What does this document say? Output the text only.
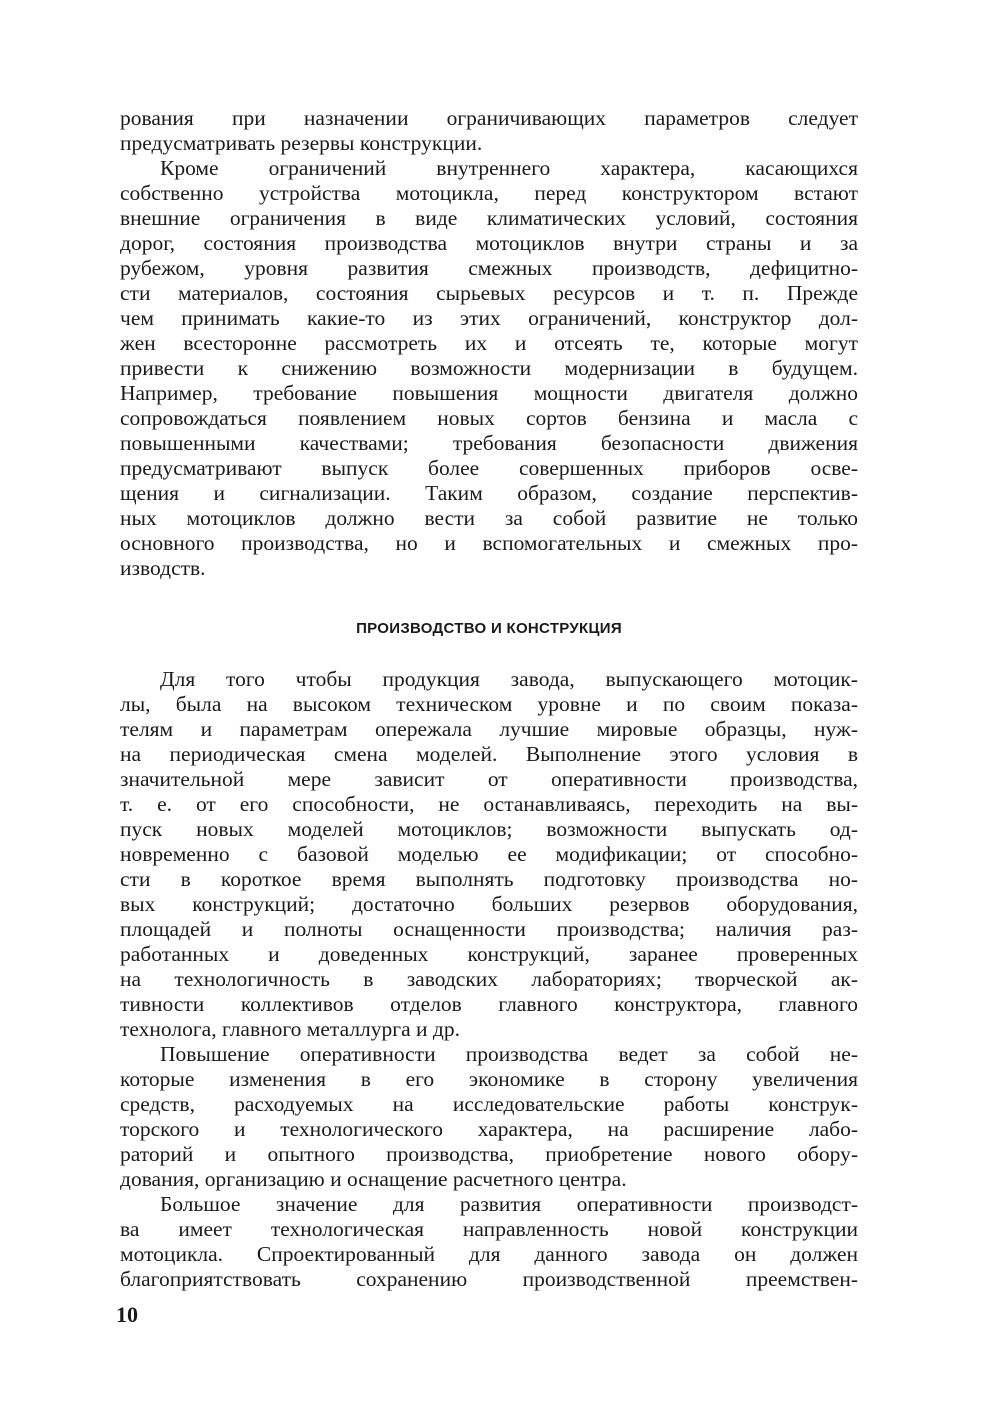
рования при назначении ограничивающих параметров следует
предусматривать резервы конструкции.
Кроме ограничений внутреннего характера, касающихся
собственно устройства мотоцикла, перед конструктором встают
внешние ограничения в виде климатических условий, состояния
дорог, состояния производства мотоциклов внутри страны и за
рубежом, уровня развития смежных производств, дефицитно-
сти материалов, состояния сырьевых ресурсов и т. п. Прежде
чем принимать какие-то из этих ограничений, конструктор дол-
жен всесторонне рассмотреть их и отсеять те, которые могут
привести к снижению возможности модернизации в будущем.
Например, требование повышения мощности двигателя должно
сопровождаться появлением новых сортов бензина и масла с
повышенными качествами; требования безопасности движения
предусматривают выпуск более совершенных приборов осве-
щения и сигнализации. Таким образом, создание перспектив-
ных мотоциклов должно вести за собой развитие не только
основного производства, но и вспомогательных и смежных про-
изводств.
ПРОИЗВОДСТВО И КОНСТРУКЦИЯ
Для того чтобы продукция завода, выпускающего мотоцик-
лы, была на высоком техническом уровне и по своим показа-
телям и параметрам опережала лучшие мировые образцы, нуж-
на периодическая смена моделей. Выполнение этого условия в
значительной мере зависит от оперативности производства,
т. е. от его способности, не останавливаясь, переходить на вы-
пуск новых моделей мотоциклов; возможности выпускать од-
новременно с базовой моделью ее модификации; от способно-
сти в короткое время выполнять подготовку производства но-
вых конструкций; достаточно больших резервов оборудования,
площадей и полноты оснащенности производства; наличия раз-
работанных и доведенных конструкций, заранее проверенных
на технологичность в заводских лабораториях; творческой ак-
тивности коллективов отделов главного конструктора, главного
технолога, главного металлурга и др.
Повышение оперативности производства ведет за собой не-
которые изменения в его экономике в сторону увеличения
средств, расходуемых на исследовательские работы конструк-
торского и технологического характера, на расширение лабо-
раторий и опытного производства, приобретение нового обору-
дования, организацию и оснащение расчетного центра.
Большое значение для развития оперативности производст-
ва имеет технологическая направленность новой конструкции
мотоцикла. Спроектированный для данного завода он должен
благоприятствовать сохранению производственной преемствен-
10
